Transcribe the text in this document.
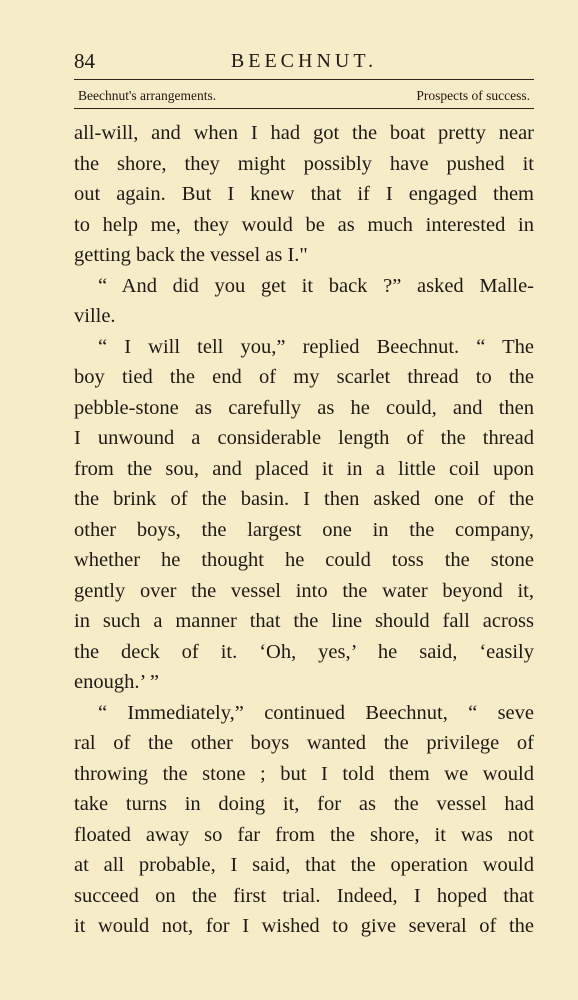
84	BEECHNUT.
Beechnut's arrangements.	Prospects of success.
all-will, and when I had got the boat pretty near
the shore, they might possibly have pushed it
out again. But I knew that if I engaged them
to help me, they would be as much interested in
getting back the vessel as I."
“ And did you get it back ?” asked Malle-
ville.
“ I will tell you,” replied Beechnut. “ The
boy tied the end of my scarlet thread to the
pebble-stone as carefully as he could, and then
I unwound a considerable length of the thread
from the sou, and placed it in a little coil upon
the brink of the basin. I then asked one of the
other boys, the largest one in the company,
whether he thought he could toss the stone
gently over the vessel into the water beyond it,
in such a manner that the line should fall across
the deck of it. ‘Oh, yes,’ he said, ‘easily
enough.’ ”
“ Immediately,” continued Beechnut, “ seve
ral of the other boys wanted the privilege of
throwing the stone ; but I told them we would
take turns in doing it, for as the vessel had
floated away so far from the shore, it was not
at all probable, I said, that the operation would
succeed on the first trial. Indeed, I hoped that
it would not, for I wished to give several of the
